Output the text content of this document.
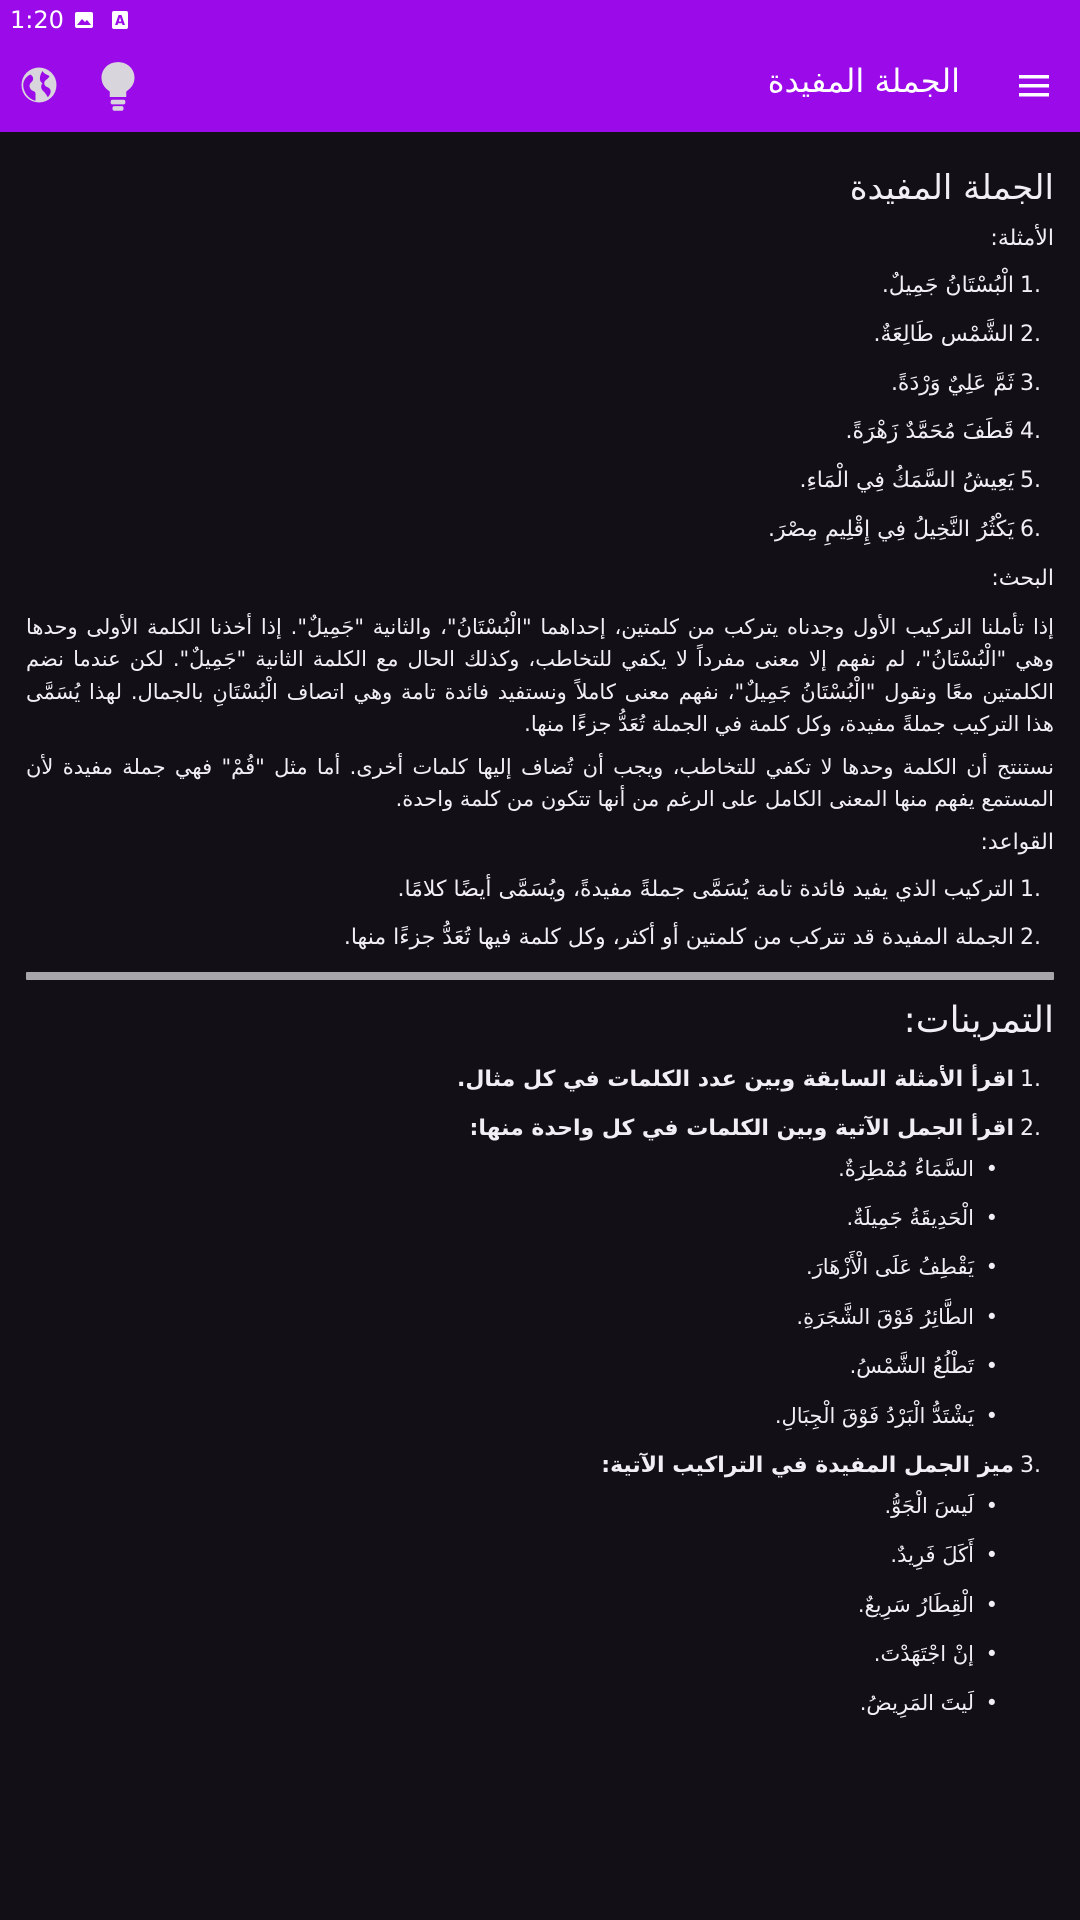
1:20	A
الجملة المفيدة
الجملة المفيدة
الأمثلة:
الْبُسْتَانُ جَمِيلٌ.
الشَّمْس طَالِعَةٌ.
ثَمَّ عَلِيٌ وَرْدَةً.
قَطَفَ مُحَمَّدٌ زَهْرَةً.
يَعِيشُ السَّمَكُ فِي الْمَاءِ.
يَكْثُرُ النَّخِيلُ فِي إِقْلِيمِ مِصْرَ.
البحث:

إذا تأملنا التركيب الأول وجدناه يتركب من كلمتين، إحداهما "الْبُسْتَانُ"، والثانية "جَمِيلٌ". إذا أخذنا الكلمة الأولى وحدها وهي "الْبُسْتَانُ"، لم نفهم إلا معنى مفرداً لا يكفي للتخاطب، وكذلك الحال مع الكلمة الثانية "جَمِيلٌ". لكن عندما نضم الكلمتين معًا ونقول "الْبُسْتَانُ جَمِيلٌ"، نفهم معنى كاملاً ونستفيد فائدة تامة وهي اتصاف الْبُسْتَانِ بالجمال. لهذا يُسَمَّى هذا التركيب جملةً مفيدة، وكل كلمة في الجملة تُعَدُّ جزءًا منها.

نستنتج أن الكلمة وحدها لا تكفي للتخاطب، ويجب أن تُضاف إليها كلمات أخرى. أما مثل "قُمْ" فهي جملة مفيدة لأن المستمع يفهم منها المعنى الكامل على الرغم من أنها تتكون من كلمة واحدة.

القواعد:
التركيب الذي يفيد فائدة تامة يُسَمَّى جملةً مفيدةً، ويُسَمَّى أيضًا كلامًا.
الجملة المفيدة قد تتركب من كلمتين أو أكثر، وكل كلمة فيها تُعَدُّ جزءًا منها.
التمرينات:
اقرأ الأمثلة السابقة وبين عدد الكلمات في كل مثال.
اقرأ الجمل الآتية وبين الكلمات في كل واحدة منها:
• السَّمَاءُ مُمْطِرَةٌ.
• الْحَدِيقَةُ جَمِيلَةٌ.
• يَقْطِفُ عَلَى الْأَزْهَارَ.
• الطَّائِرُ فَوْقَ الشَّجَرَةِ.
• تَطْلُعُ الشَّمْسُ.
• يَشْتَدُّ الْبَرْدُ فَوْقَ الْجِبَالِ.
ميز الجمل المفيدة في التراكيب الآتية:
• لَيسَ الْجَوُّ.
• أَكَلَ فَرِيدٌ.
• الْقِطَارُ سَرِيعٌ.
• إنْ اجْتَهَدْتَ.
• لَيتَ المَرِيضُ.
